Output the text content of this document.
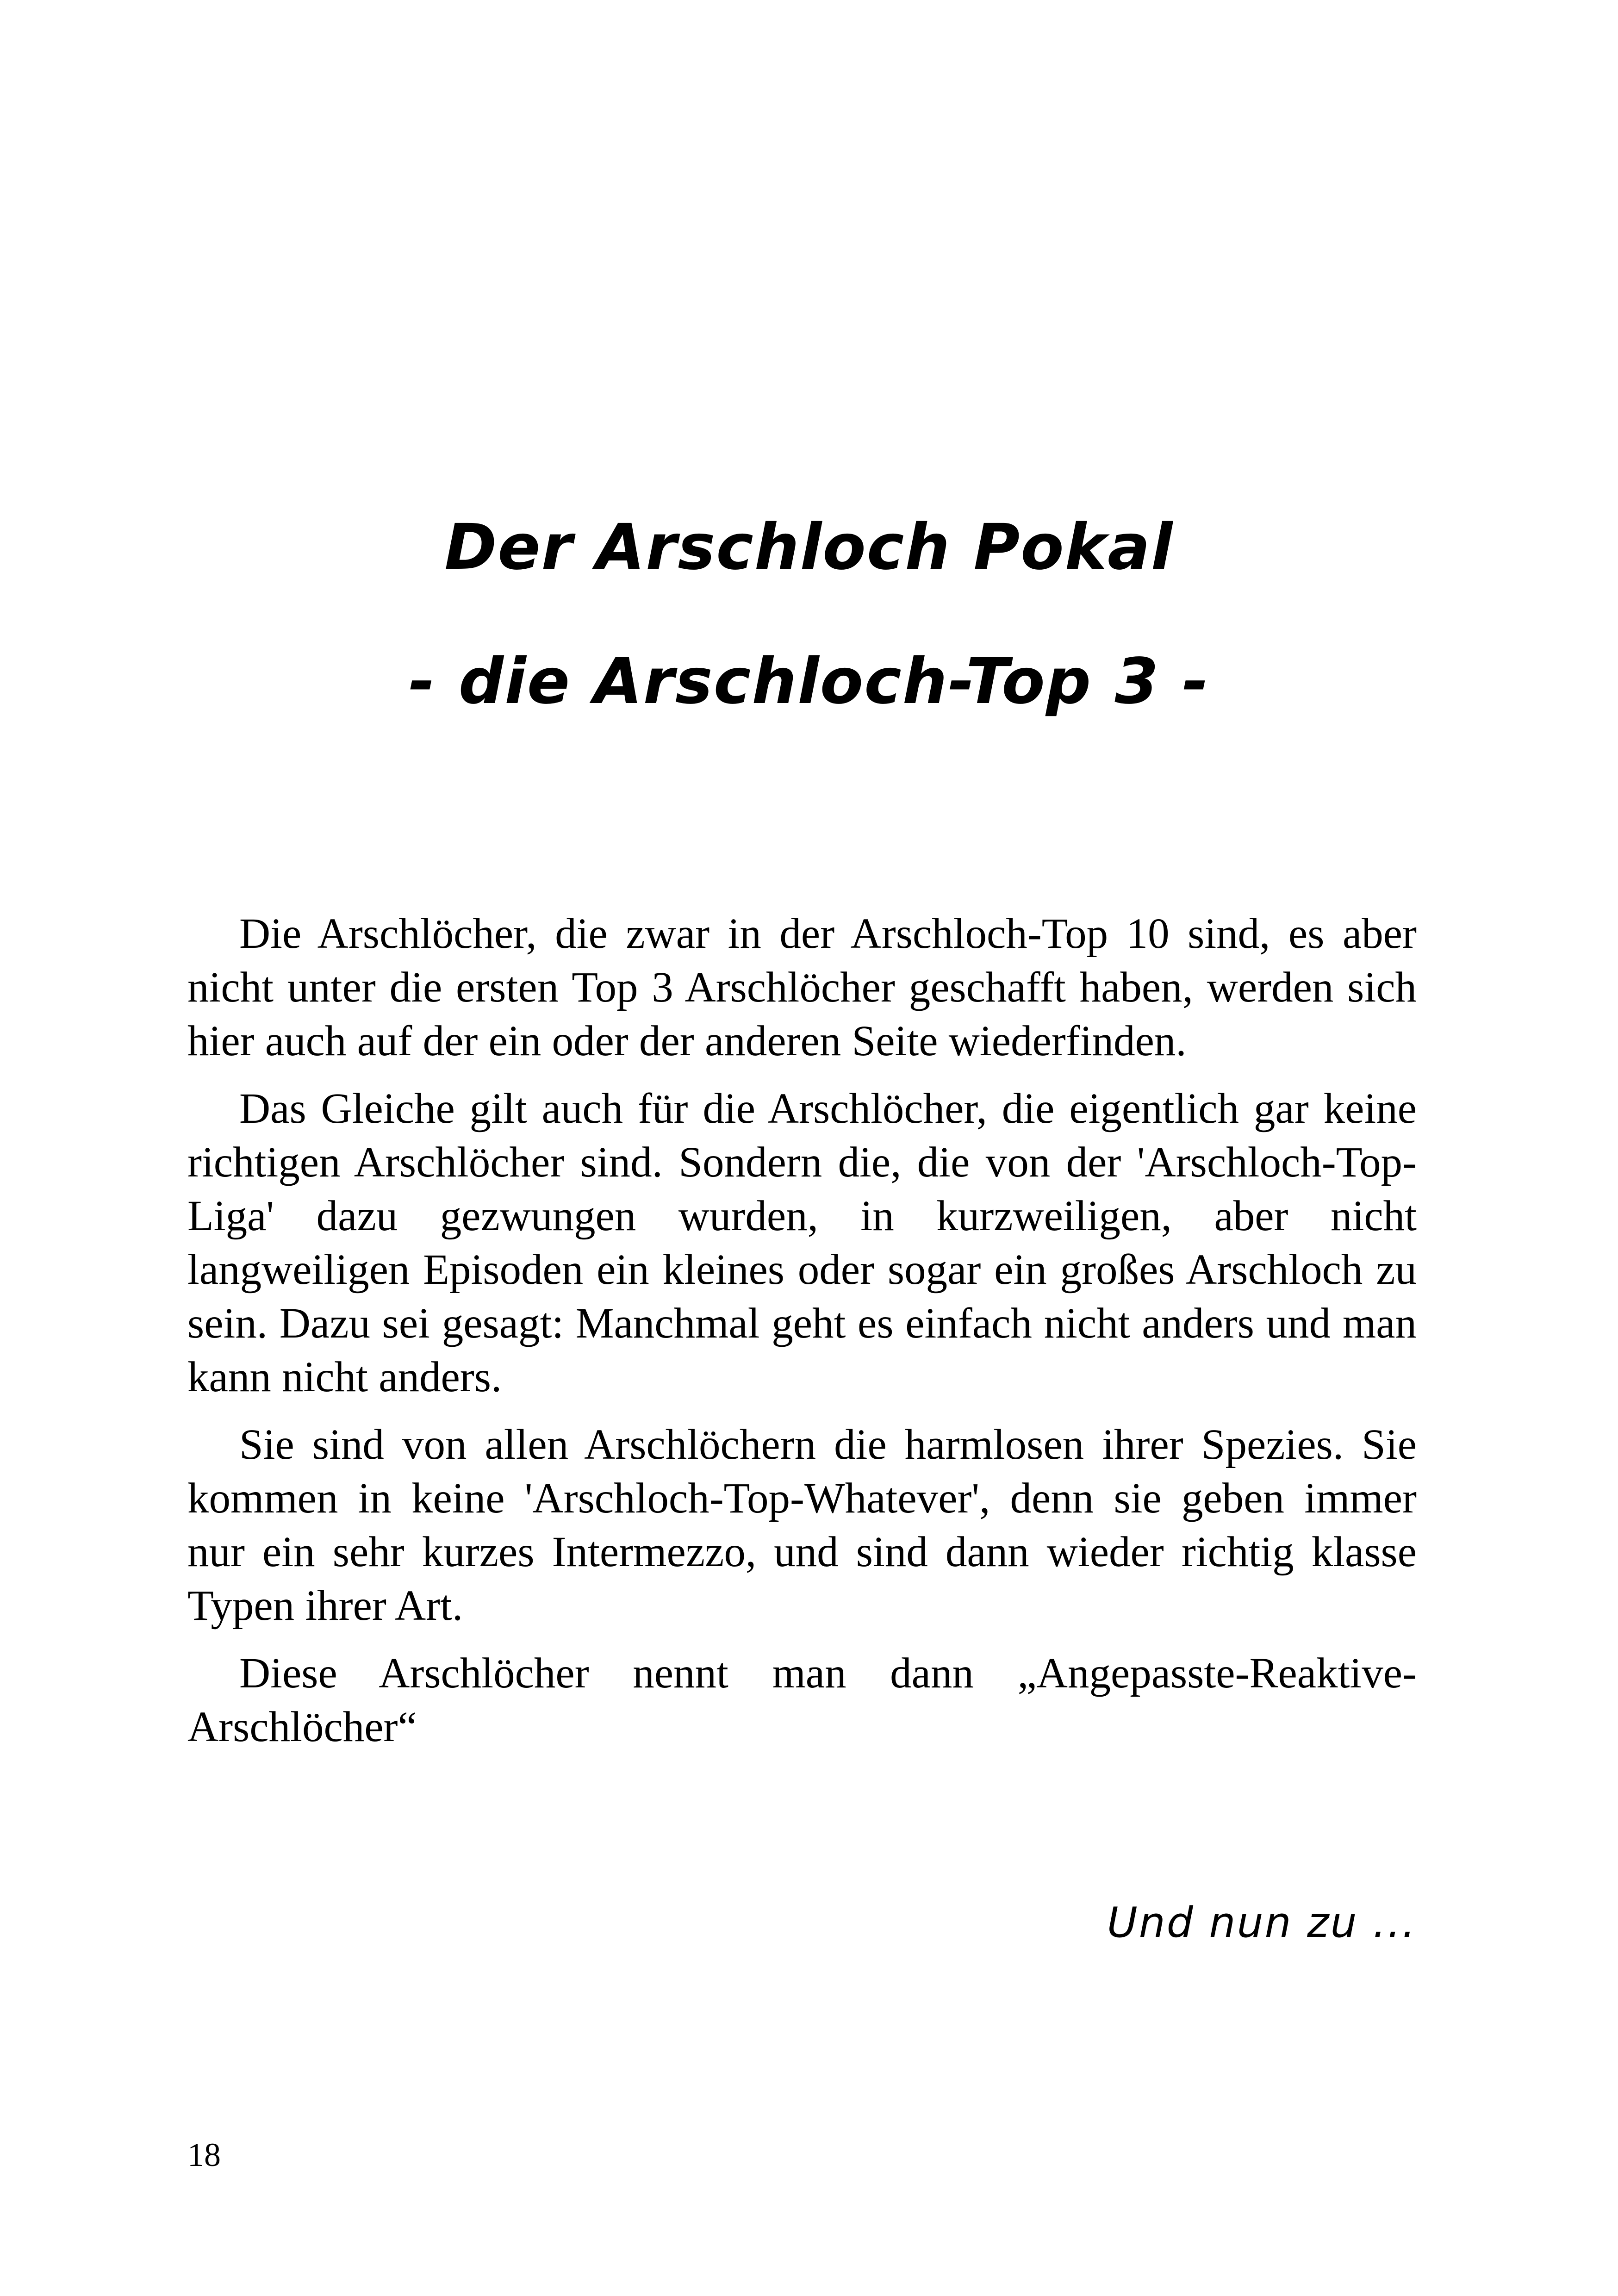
Der Arschloch Pokal
- die Arschloch-Top 3 -

Die Arschlöcher, die zwar in der Arschloch-Top 10 sind, es aber nicht unter die ersten Top 3 Arschlöcher geschafft haben, werden sich hier auch auf der ein oder der anderen Seite wiederfinden.

Das Gleiche gilt auch für die Arschlöcher, die eigentlich gar keine richtigen Arschlöcher sind. Sondern die, die von der 'Arschloch-Top-Liga' dazu gezwungen wurden, in kurzweiligen, aber nicht langweiligen Episoden ein kleines oder sogar ein großes Arschloch zu sein. Dazu sei gesagt: Manchmal geht es einfach nicht anders und man kann nicht anders.

Sie sind von allen Arschlöchern die harmlosen ihrer Spezies. Sie kommen in keine 'Arschloch-Top-Whatever', denn sie geben immer nur ein sehr kurzes Intermezzo, und sind dann wieder richtig klasse Typen ihrer Art.

Diese Arschlöcher nennt man dann „Angepasste-Reaktive-Arschlöcher“

Und nun zu ...
18
